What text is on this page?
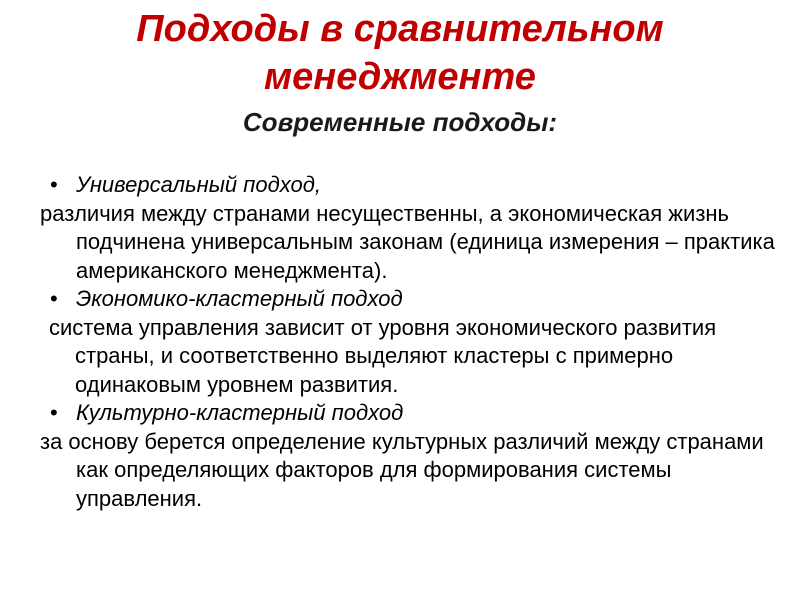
Подходы в сравнительном
менеджменте
Современные подходы:

• Универсальный подход,

различия между странами несущественны, а экономическая жизнь подчинена универсальным законам (единица измерения – практика американского менеджмента).

• Экономико-кластерный подход

система управления зависит от уровня экономического развития страны, и соответственно выделяют кластеры с примерно одинаковым уровнем развития.

• Культурно-кластерный подход

за основу берется определение культурных различий между странами как определяющих факторов для формирования системы управления.
